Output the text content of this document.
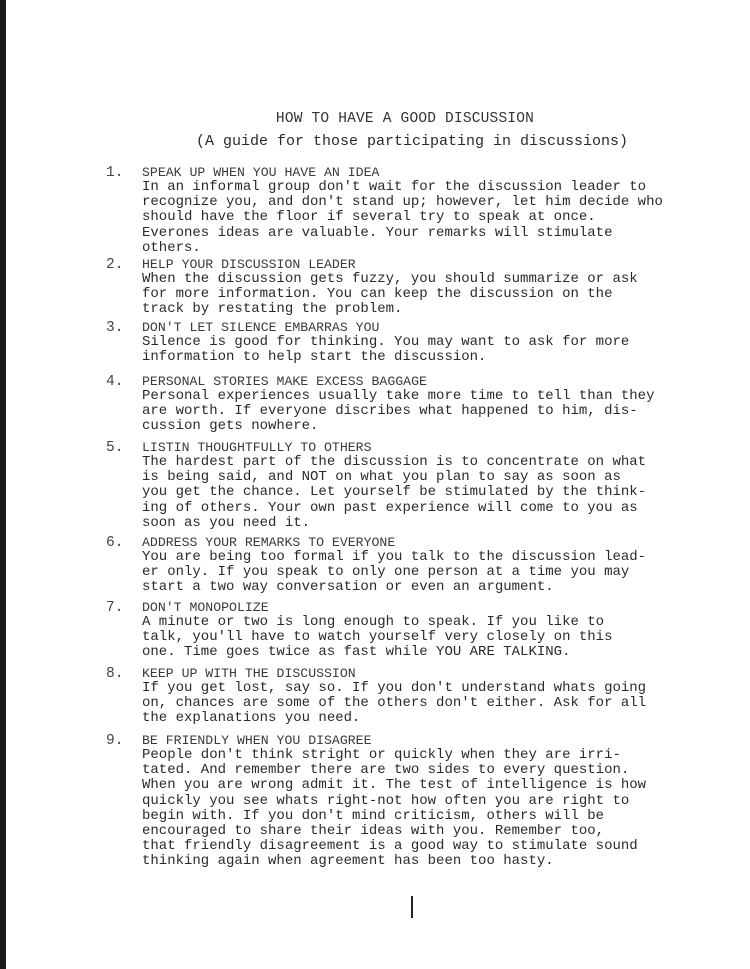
HOW TO HAVE A GOOD DISCUSSION

(A guide for those participating in discussions)

1. SPEAK UP WHEN YOU HAVE AN IDEA
In an informal group don't wait for the discussion leader to
recognize you, and don't stand up; however, let him decide who
should have the floor if several try to speak at once.
Everones ideas are valuable. Your remarks will stimulate
others.
2. HELP YOUR DISCUSSION LEADER
When the discussion gets fuzzy, you should summarize or ask
for more information. You can keep the discussion on the
track by restating the problem.
3. DON'T LET SILENCE EMBARRAS YOU
Silence is good for thinking. You may want to ask for more
information to help start the discussion.
4. PERSONAL STORIES MAKE EXCESS BAGGAGE
Personal experiences usually take more time to tell than they
are worth. If everyone discribes what happened to him, dis-
cussion gets nowhere.
5. LISTIN THOUGHTFULLY TO OTHERS
The hardest part of the discussion is to concentrate on what
is being said, and NOT on what you plan to say as soon as
you get the chance. Let yourself be stimulated by the think-
ing of others. Your own past experience will come to you as
soon as you need it.
6. ADDRESS YOUR REMARKS TO EVERYONE
You are being too formal if you talk to the discussion lead-
er only. If you speak to only one person at a time you may
start a two way conversation or even an argument.
7. DON'T MONOPOLIZE
A minute or two is long enough to speak. If you like to
talk, you'll have to watch yourself very closely on this
one. Time goes twice as fast while YOU ARE TALKING.
8. KEEP UP WITH THE DISCUSSION
If you get lost, say so. If you don't understand whats going
on, chances are some of the others don't either. Ask for all
the explanations you need.
9. BE FRIENDLY WHEN YOU DISAGREE
People don't think stright or quickly when they are irri-
tated. And remember there are two sides to every question.
When you are wrong admit it. The test of intelligence is how
quickly you see whats right-not how often you are right to
begin with. If you don't mind criticism, others will be
encouraged to share their ideas with you. Remember too,
that friendly disagreement is a good way to stimulate sound
thinking again when agreement has been too hasty.
